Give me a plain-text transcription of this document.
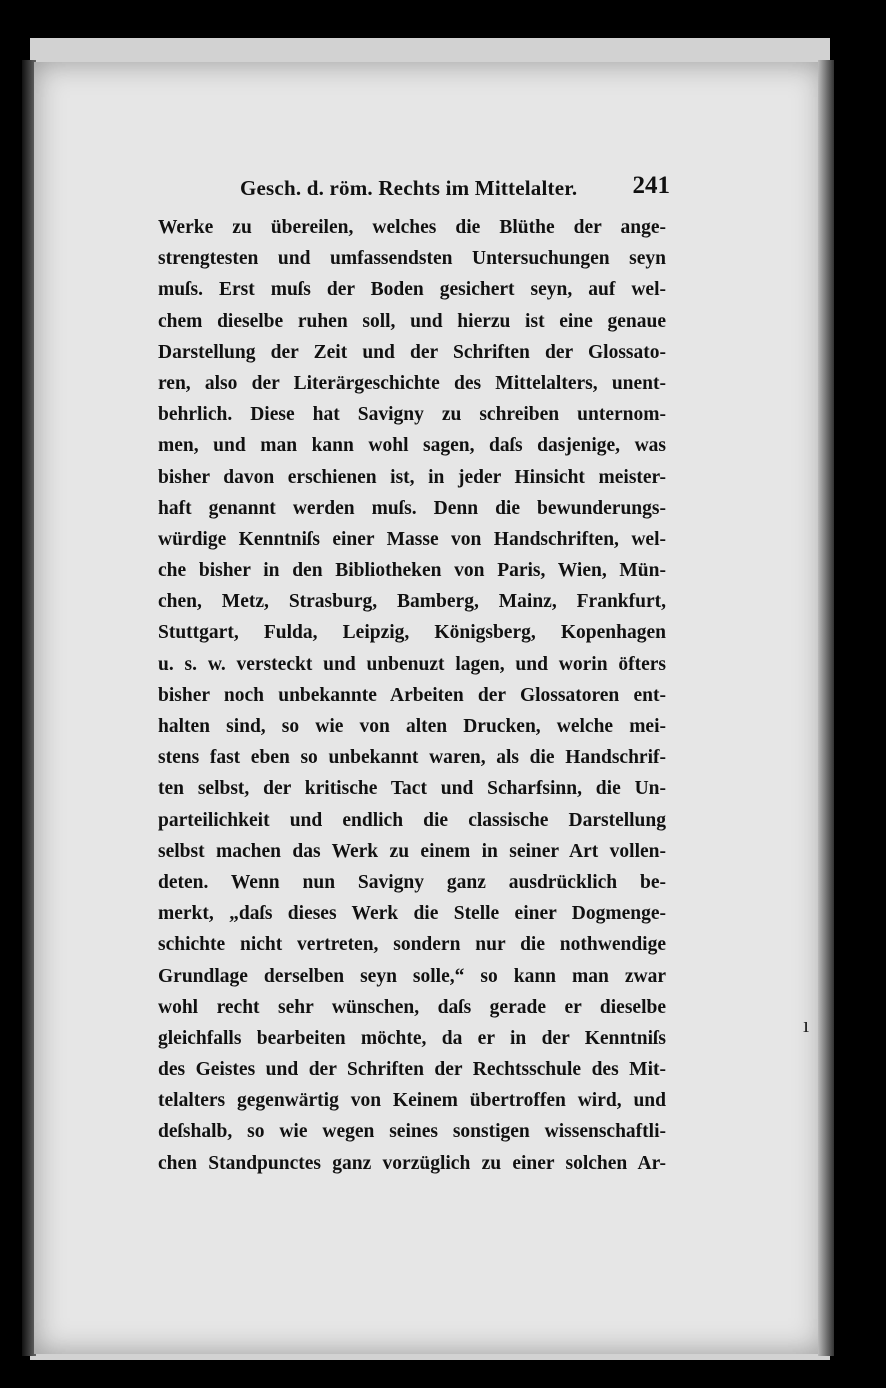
Gesch. d. röm. Rechts im Mittelalter. 241
Werke zu übereilen, welches die Blüthe der ange-
strengtesten und umfassendsten Untersuchungen seyn
muſs. Erst muſs der Boden gesichert seyn, auf wel-
chem dieselbe ruhen soll, und hierzu ist eine genaue
Darstellung der Zeit und der Schriften der Glossato-
ren, also der Literärgeschichte des Mittelalters, unent-
behrlich. Diese hat Savigny zu schreiben unternom-
men, und man kann wohl sagen, daſs dasjenige, was
bisher davon erschienen ist, in jeder Hinsicht meister-
haft genannt werden muſs. Denn die bewunderungs-
würdige Kenntniſs einer Masse von Handschriften, wel-
che bisher in den Bibliotheken von Paris, Wien, Mün-
chen, Metz, Strasburg, Bamberg, Mainz, Frankfurt,
Stuttgart, Fulda, Leipzig, Königsberg, Kopenhagen
u. s. w. versteckt und unbenuzt lagen, und worin öfters
bisher noch unbekannte Arbeiten der Glossatoren ent-
halten sind, so wie von alten Drucken, welche mei-
stens fast eben so unbekannt waren, als die Handschrif-
ten selbst, der kritische Tact und Scharfsinn, die Un-
parteilichkeit und endlich die classische Darstellung
selbst machen das Werk zu einem in seiner Art vollen-
deten. Wenn nun Savigny ganz ausdrücklich be-
merkt, „daſs dieses Werk die Stelle einer Dogmenge-
schichte nicht vertreten, sondern nur die nothwendige
Grundlage derselben seyn solle,“ so kann man zwar
wohl recht sehr wünschen, daſs gerade er dieselbe
gleichfalls bearbeiten möchte, da er in der Kenntniſs
des Geistes und der Schriften der Rechtsschule des Mit-
telalters gegenwärtig von Keinem übertroffen wird, und
deſshalb, so wie wegen seines sonstigen wissenschaftli-
chen Standpunctes ganz vorzüglich zu einer solchen Ar-
ı
